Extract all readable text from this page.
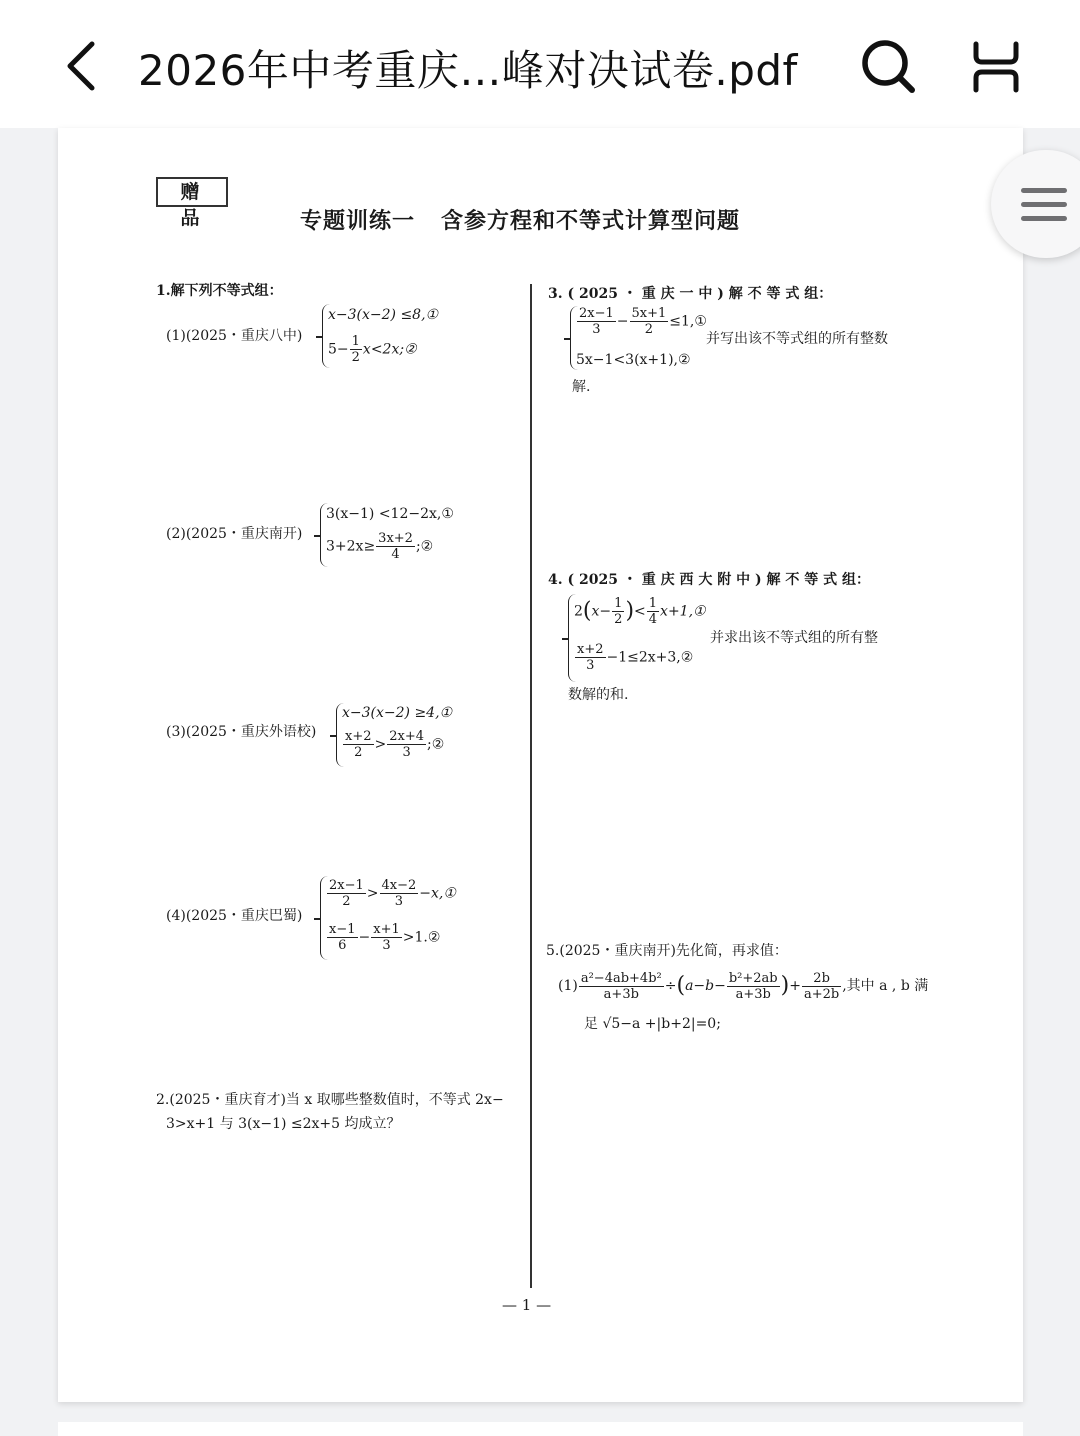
2026年中考重庆…峰对决试卷.pdf
赠品	专题训练一 含参方程和不等式计算型问题
1.解下列不等式组：
(1)(2025・重庆八中)
x−3(x−2) ≤8,①
$5- \frac{1}{2}$ x<2x;②
(2)(2025・重庆南开)
3(x−1) <12−2x,①
$3+2x\ge \frac{3x+2}{4}$ ;②
(3)(2025・重庆外语校)
x−3(x−2) ≥4,①
$\frac{x+2}{2} > \frac{2x+4}{3}$ ;②
(4)(2025・重庆巴蜀)
$\frac{2x-1}{2} > \frac{4x-2}{3}$ −x,①
$\frac{x-1}{6} - \frac{x+1}{3}$ >1.②
2.(2025・重庆育才)当 x 取哪些整数值时，不等式 2x−
3>x+1 与 3(x−1) ≤2x+5 均成立？
3. ( 2025 ・ 重 庆 一 中 ) 解 不 等 式 组：
$\frac{2x-1}{3} - \frac{5x+1}{2}$ ≤1,①
5x−1<3(x+1),②
并写出该不等式组的所有整数
解.
4. ( 2025 ・ 重 庆 西 大 附 中 ) 解 不 等 式 组：
$2(x- \frac{1}{2}$ )< $\frac{1}{4}$ x+1,①
$\frac{x+2}{3}$ −1≤2x+3,②
并求出该不等式组的所有整
数解的和.
5.(2025・重庆南开)先化简，再求值：
$(1) \frac{\text{a²−4ab+4b²}}{a+3b} \div(a-b- \frac{\text{b²+2ab}}{a+3b}$ )+ $\frac{2b}{a+2b}$ ,其中 a , b 满
足 √5−a +|b+2|=0;
— 1 —
